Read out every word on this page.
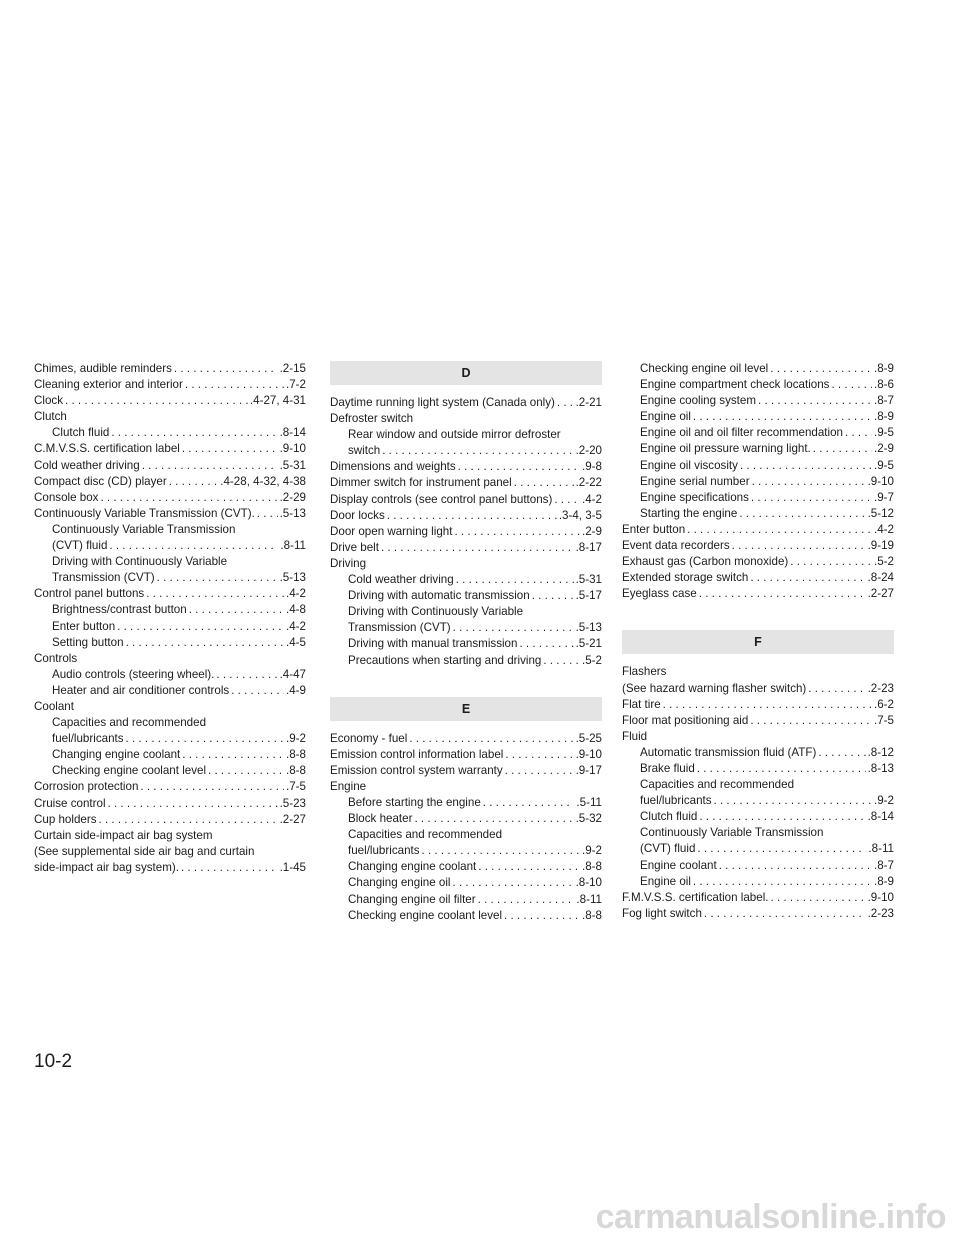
Chimes, audible reminders . . .	.2-15
Cleaning exterior and interior . . .	.7-2
Clock . . .	.4-27, 4-31
Clutch
Clutch fluid . . .	.8-14
C.M.V.S.S. certification label . . .	.9-10
Cold weather driving . . .	.5-31
Compact disc (CD) player . . .	.4-28, 4-32, 4-38
Console box . . .	.2-29
Continuously Variable Transmission (CVT). . . . .5-13
Continuously Variable Transmission
(CVT) fluid . . .	.8-11
Driving with Continuously Variable
Transmission (CVT) . . .	.5-13
Control panel buttons . . .	.4-2
Brightness/contrast button . . .	.4-8
Enter button . . .	.4-2
Setting button . . .	.4-5
Controls
Audio controls (steering wheel). . . .	.4-47
Heater and air conditioner controls . . .	.4-9
Coolant
Capacities and recommended
fuel/lubricants . . .	.9-2
Changing engine coolant . . .	.8-8
Checking engine coolant level . . .	.8-8
Corrosion protection . . .	.7-5
Cruise control . . .	.5-23
Cup holders . . .	.2-27
Curtain side-impact air bag system
(See supplemental side air bag and curtain
side-impact air bag system). . . .	.1-45
D
Daytime running light system (Canada only) . . . .2-21
Defroster switch
Rear window and outside mirror defroster
switch . . .	.2-20
Dimensions and weights . . .	.9-8
Dimmer switch for instrument panel . . .	.2-22
Display controls (see control panel buttons) . . .	.4-2
Door locks . . .	.3-4, 3-5
Door open warning light . . .	.2-9
Drive belt . . .	.8-17
Driving
Cold weather driving . . .	.5-31
Driving with automatic transmission . . .	.5-17
Driving with Continuously Variable
Transmission (CVT) . . .	.5-13
Driving with manual transmission . . .	.5-21
Precautions when starting and driving . . .	.5-2
E
Economy - fuel . . .	.5-25
Emission control information label . . .	.9-10
Emission control system warranty . . .	.9-17
Engine
Before starting the engine . . .	.5-11
Block heater . . .	.5-32
Capacities and recommended
fuel/lubricants . . .	.9-2
Changing engine coolant . . .	.8-8
Changing engine oil . . .	.8-10
Changing engine oil filter . . .	.8-11
Checking engine coolant level . . .	.8-8
Checking engine oil level . . .	.8-9
Engine compartment check locations . . .	.8-6
Engine cooling system . . .	.8-7
Engine oil . . .	.8-9
Engine oil and oil filter recommendation . . .	.9-5
Engine oil pressure warning light. . . .	.2-9
Engine oil viscosity . . .	.9-5
Engine serial number . . .	.9-10
Engine specifications . . .	.9-7
Starting the engine . . .	.5-12
Enter button . . .	.4-2
Event data recorders . . .	.9-19
Exhaust gas (Carbon monoxide) . . .	.5-2
Extended storage switch . . .	.8-24
Eyeglass case . . .	.2-27
F
Flashers
(See hazard warning flasher switch) . . .	.2-23
Flat tire . . .	.6-2
Floor mat positioning aid . . .	.7-5
Fluid
Automatic transmission fluid (ATF) . . .	.8-12
Brake fluid . . .	.8-13
Capacities and recommended
fuel/lubricants . . .	.9-2
Clutch fluid . . .	.8-14
Continuously Variable Transmission
(CVT) fluid . . .	.8-11
Engine coolant . . .	.8-7
Engine oil . . .	.8-9
F.M.V.S.S. certification label. . . .	.9-10
Fog light switch . . .	.2-23
10-2
carmanualsonline.info
